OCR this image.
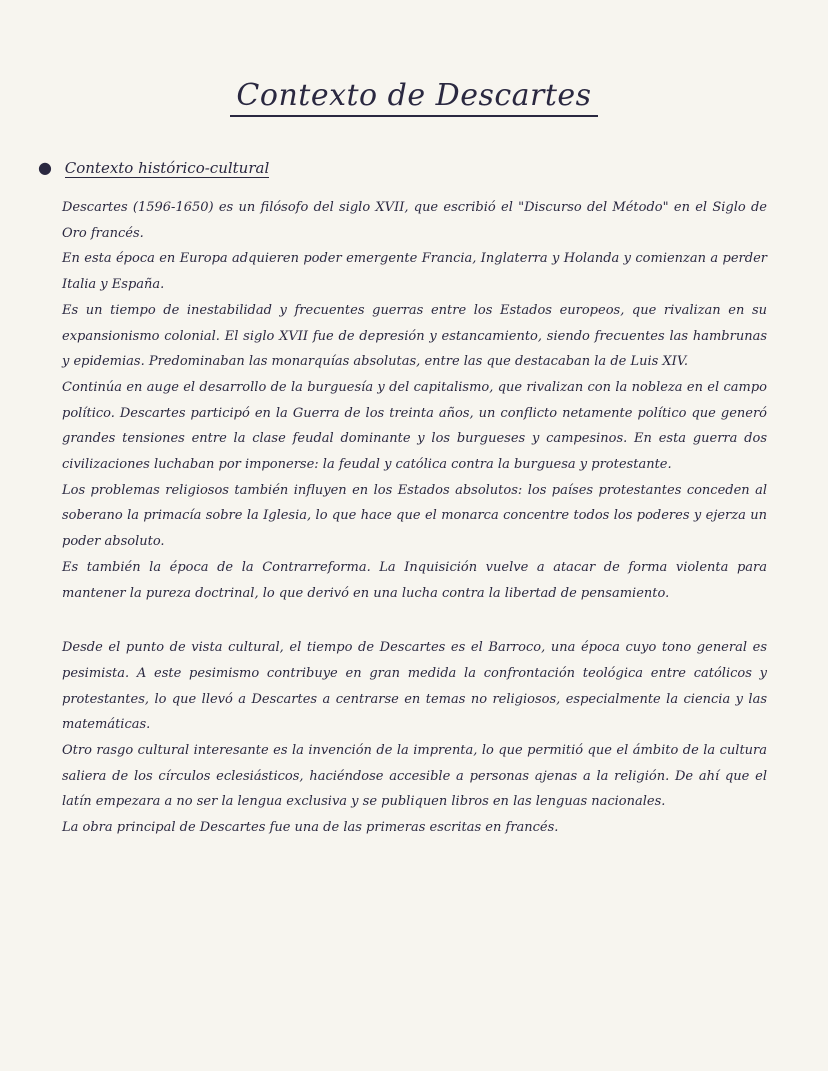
Contexto de Descartes
● Contexto histórico-cultural

Descartes (1596-1650) es un filósofo del siglo XVII, que escribió el "Discurso del Método" en el Siglo de Oro francés.

En esta época en Europa adquieren poder emergente Francia, Inglaterra y Holanda y comienzan a perder Italia y España.

Es un tiempo de inestabilidad y frecuentes guerras entre los Estados europeos, que rivalizan en su expansionismo colonial. El siglo XVII fue de depresión y estancamiento, siendo frecuentes las hambrunas y epidemias. Predominaban las monarquías absolutas, entre las que destacaban la de Luis XIV.

Continúa en auge el desarrollo de la burguesía y del capitalismo, que rivalizan con la nobleza en el campo político. Descartes participó en la Guerra de los treinta años, un conflicto netamente político que generó grandes tensiones entre la clase feudal dominante y los burgueses y campesinos. En esta guerra dos civilizaciones luchaban por imponerse: la feudal y católica contra la burguesa y protestante.

Los problemas religiosos también influyen en los Estados absolutos: los países protestantes conceden al soberano la primacía sobre la Iglesia, lo que hace que el monarca concentre todos los poderes y ejerza un poder absoluto.

Es también la época de la Contrarreforma. La Inquisición vuelve a atacar de forma violenta para mantener la pureza doctrinal, lo que derivó en una lucha contra la libertad de pensamiento.

Desde el punto de vista cultural, el tiempo de Descartes es el Barroco, una época cuyo tono general es pesimista. A este pesimismo contribuye en gran medida la confrontación teológica entre católicos y protestantes, lo que llevó a Descartes a centrarse en temas no religiosos, especialmente la ciencia y las matemáticas.

Otro rasgo cultural interesante es la invención de la imprenta, lo que permitió que el ámbito de la cultura saliera de los círculos eclesiásticos, haciéndose accesible a personas ajenas a la religión. De ahí que el latín empezara a no ser la lengua exclusiva y se publiquen libros en las lenguas nacionales.

La obra principal de Descartes fue una de las primeras escritas en francés.
